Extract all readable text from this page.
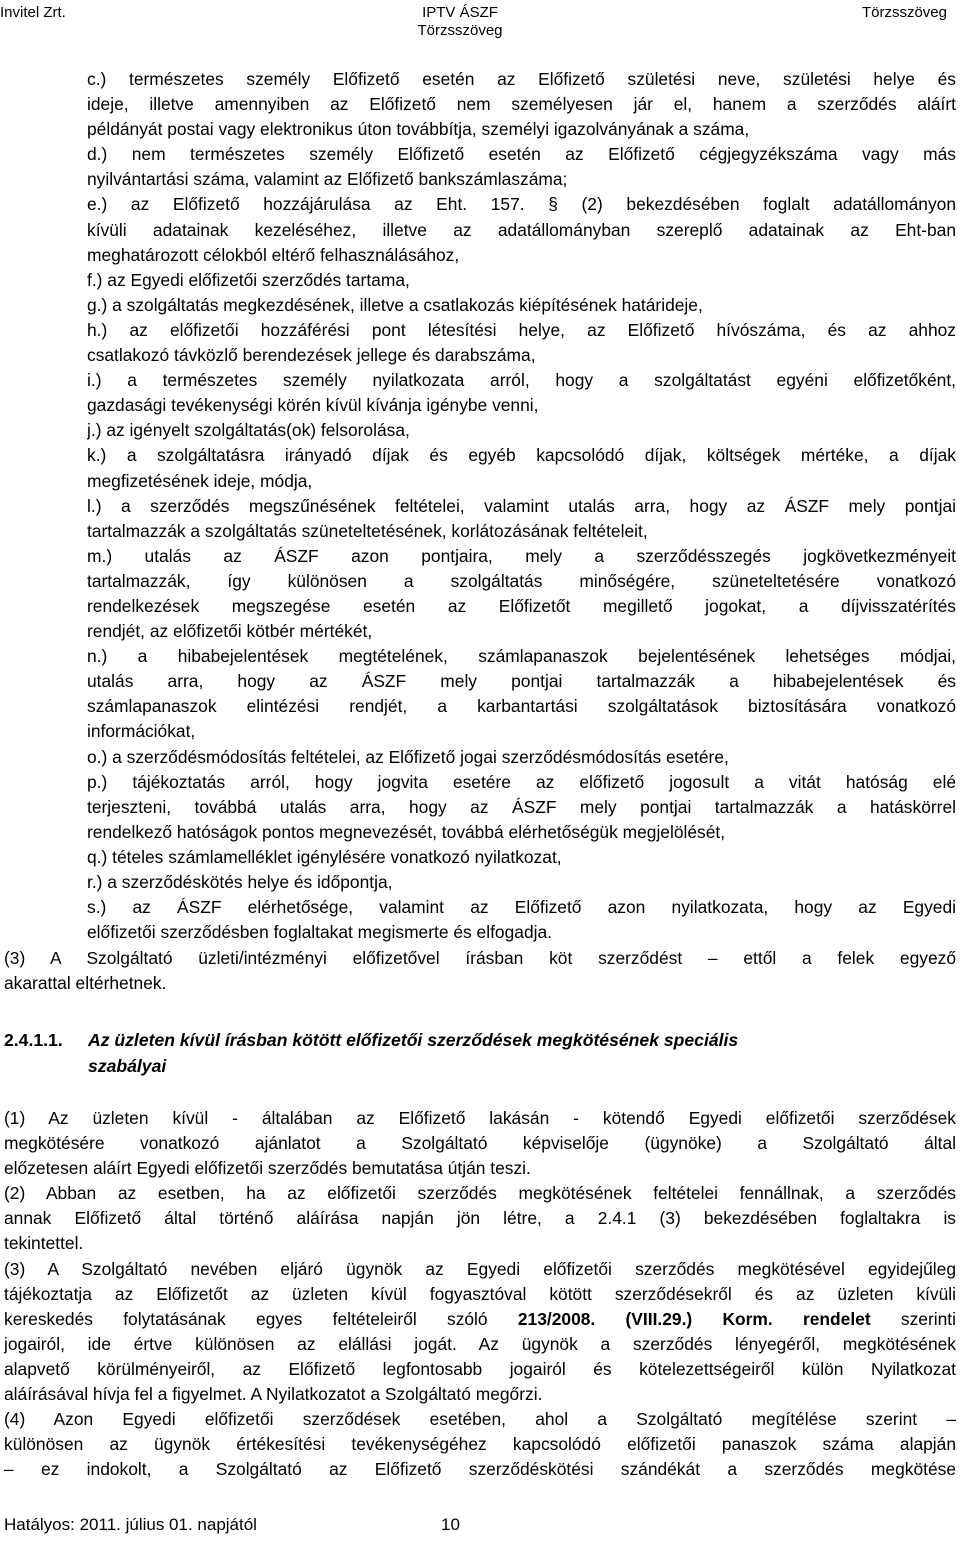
Invitel Zrt.	IPTV ÁSZF
Törzsszöveg
Törzsszöveg
c.) természetes személy Előfizető esetén az Előfizető születési neve, születési helye és
ideje, illetve amennyiben az Előfizető nem személyesen jár el, hanem a szerződés aláírt
példányát postai vagy elektronikus úton továbbítja, személyi igazolványának a száma,
d.) nem természetes személy Előfizető esetén az Előfizető cégjegyzékszáma vagy más
nyilvántartási száma, valamint az Előfizető bankszámlaszáma;
e.) az Előfizető hozzájárulása az Eht. 157. § (2) bekezdésében foglalt adatállományon
kívüli adatainak kezeléséhez, illetve az adatállományban szereplő adatainak az Eht-ban
meghatározott célokból eltérő felhasználásához,
f.) az Egyedi előfizetői szerződés tartama,
g.) a szolgáltatás megkezdésének, illetve a csatlakozás kiépítésének határideje,
h.) az előfizetői hozzáférési pont létesítési helye, az Előfizető hívószáma, és az ahhoz
csatlakozó távközlő berendezések jellege és darabszáma,
i.) a természetes személy nyilatkozata arról, hogy a szolgáltatást egyéni előfizetőként,
gazdasági tevékenységi körén kívül kívánja igénybe venni,
j.) az igényelt szolgáltatás(ok) felsorolása,
k.) a szolgáltatásra irányadó díjak és egyéb kapcsolódó díjak, költségek mértéke, a díjak
megfizetésének ideje, módja,
l.) a szerződés megszűnésének feltételei, valamint utalás arra, hogy az ÁSZF mely pontjai
tartalmazzák a szolgáltatás szüneteltetésének, korlátozásának feltételeit,
m.) utalás az ÁSZF azon pontjaira, mely a szerződésszegés jogkövetkezményeit
tartalmazzák, így különösen a szolgáltatás minőségére, szüneteltetésére vonatkozó
rendelkezések megszegése esetén az Előfizetőt megillető jogokat, a díjvisszatérítés
rendjét, az előfizetői kötbér mértékét,
n.) a hibabejelentések megtételének, számlapanaszok bejelentésének lehetséges módjai,
utalás arra, hogy az ÁSZF mely pontjai tartalmazzák a hibabejelentések és
számlapanaszok elintézési rendjét, a karbantartási szolgáltatások biztosítására vonatkozó
információkat,
o.) a szerződésmódosítás feltételei, az Előfizető jogai szerződésmódosítás esetére,
p.) tájékoztatás arról, hogy jogvita esetére az előfizető jogosult a vitát hatóság elé
terjeszteni, továbbá utalás arra, hogy az ÁSZF mely pontjai tartalmazzák a hatáskörrel
rendelkező hatóságok pontos megnevezését, továbbá elérhetőségük megjelölését,
q.) tételes számlamelléklet igénylésére vonatkozó nyilatkozat,
r.) a szerződéskötés helye és időpontja,
s.) az ÁSZF elérhetősége, valamint az Előfizető azon nyilatkozata, hogy az Egyedi
előfizetői szerződésben foglaltakat megismerte és elfogadja.
(3) A Szolgáltató üzleti/intézményi előfizetővel írásban köt szerződést – ettől a felek egyező
akarattal eltérhetnek.
2.4.1.1. Az üzleten kívül írásban kötött előfizetői szerződések megkötésének speciális
szabályai
(1) Az üzleten kívül - általában az Előfizető lakásán - kötendő Egyedi előfizetői szerződések
megkötésére vonatkozó ajánlatot a Szolgáltató képviselője (ügynöke) a Szolgáltató által
előzetesen aláírt Egyedi előfizetői szerződés bemutatása útján teszi.
(2) Abban az esetben, ha az előfizetői szerződés megkötésének feltételei fennállnak, a szerződés
annak Előfizető által történő aláírása napján jön létre, a 2.4.1 (3) bekezdésében foglaltakra is
tekintettel.
(3) A Szolgáltató nevében eljáró ügynök az Egyedi előfizetői szerződés megkötésével egyidejűleg
tájékoztatja az Előfizetőt az üzleten kívül fogyasztóval kötött szerződésekről és az üzleten kívüli
kereskedés folytatásának egyes feltételeiről szóló 213/2008. (VIII.29.) Korm. rendelet szerinti
jogairól, ide értve különösen az elállási jogát. Az ügynök a szerződés lényegéről, megkötésének
alapvető körülményeiről, az Előfizető legfontosabb jogairól és kötelezettségeiről külön Nyilatkozat
aláírásával hívja fel a figyelmet. A Nyilatkozatot a Szolgáltató megőrzi.
(4) Azon Egyedi előfizetői szerződések esetében, ahol a Szolgáltató megítélése szerint –
különösen az ügynök értékesítési tevékenységéhez kapcsolódó előfizetői panaszok száma alapján
– ez indokolt, a Szolgáltató az Előfizető szerződéskötési szándékát a szerződés megkötése
Hatályos: 2011. július 01. napjától	10
